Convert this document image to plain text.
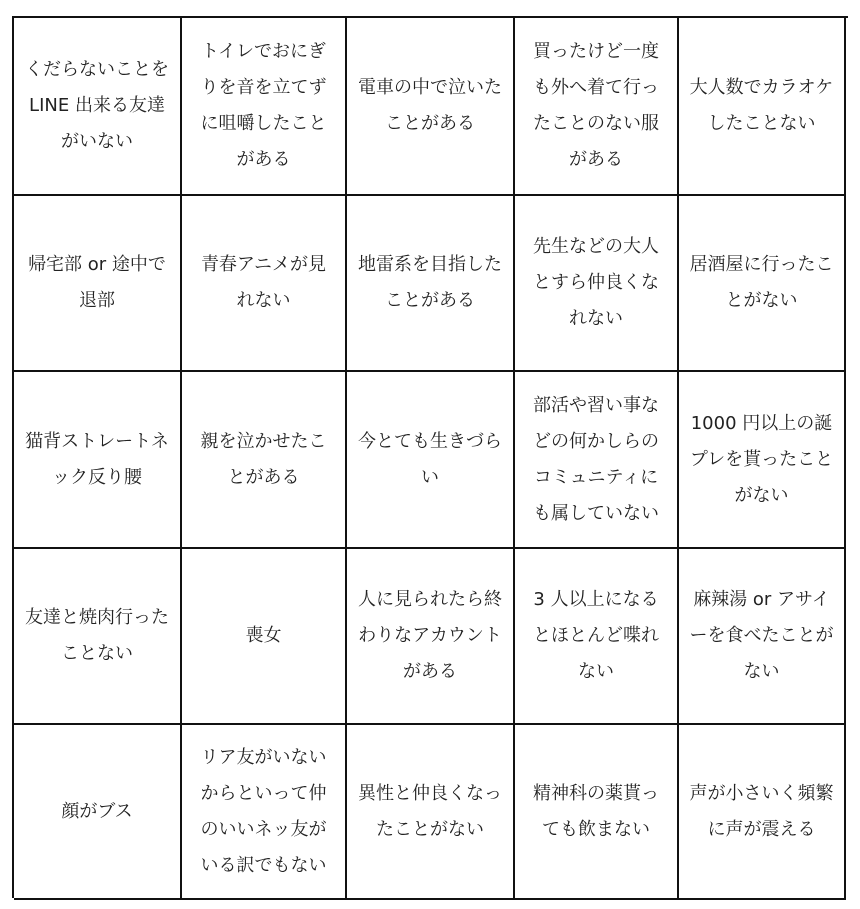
くだらないことをLINE 出来る友達がいない
トイレでおにぎりを音を立てずに咀嚼したことがある
電車の中で泣いたことがある
買ったけど一度も外へ着て行ったことのない服がある
大人数でカラオケしたことない
帰宅部 or 途中で退部
青春アニメが見れない
地雷系を目指したことがある
先生などの大人とすら仲良くなれない
居酒屋に行ったことがない
猫背ストレートネック反り腰
親を泣かせたことがある
今とても生きづらい
部活や習い事などの何かしらのコミュニティにも属していない
1000 円以上の誕プレを貰ったことがない
友達と焼肉行ったことない
喪女
人に見られたら終わりなアカウントがある
3 人以上になるとほとんど喋れない
麻辣湯 or アサイーを食べたことがない
顔がブス
リア友がいないからといって仲のいいネッ友がいる訳でもない
異性と仲良くなったことがない
精神科の薬貰っても飲まない
声が小さいく頻繁に声が震える
